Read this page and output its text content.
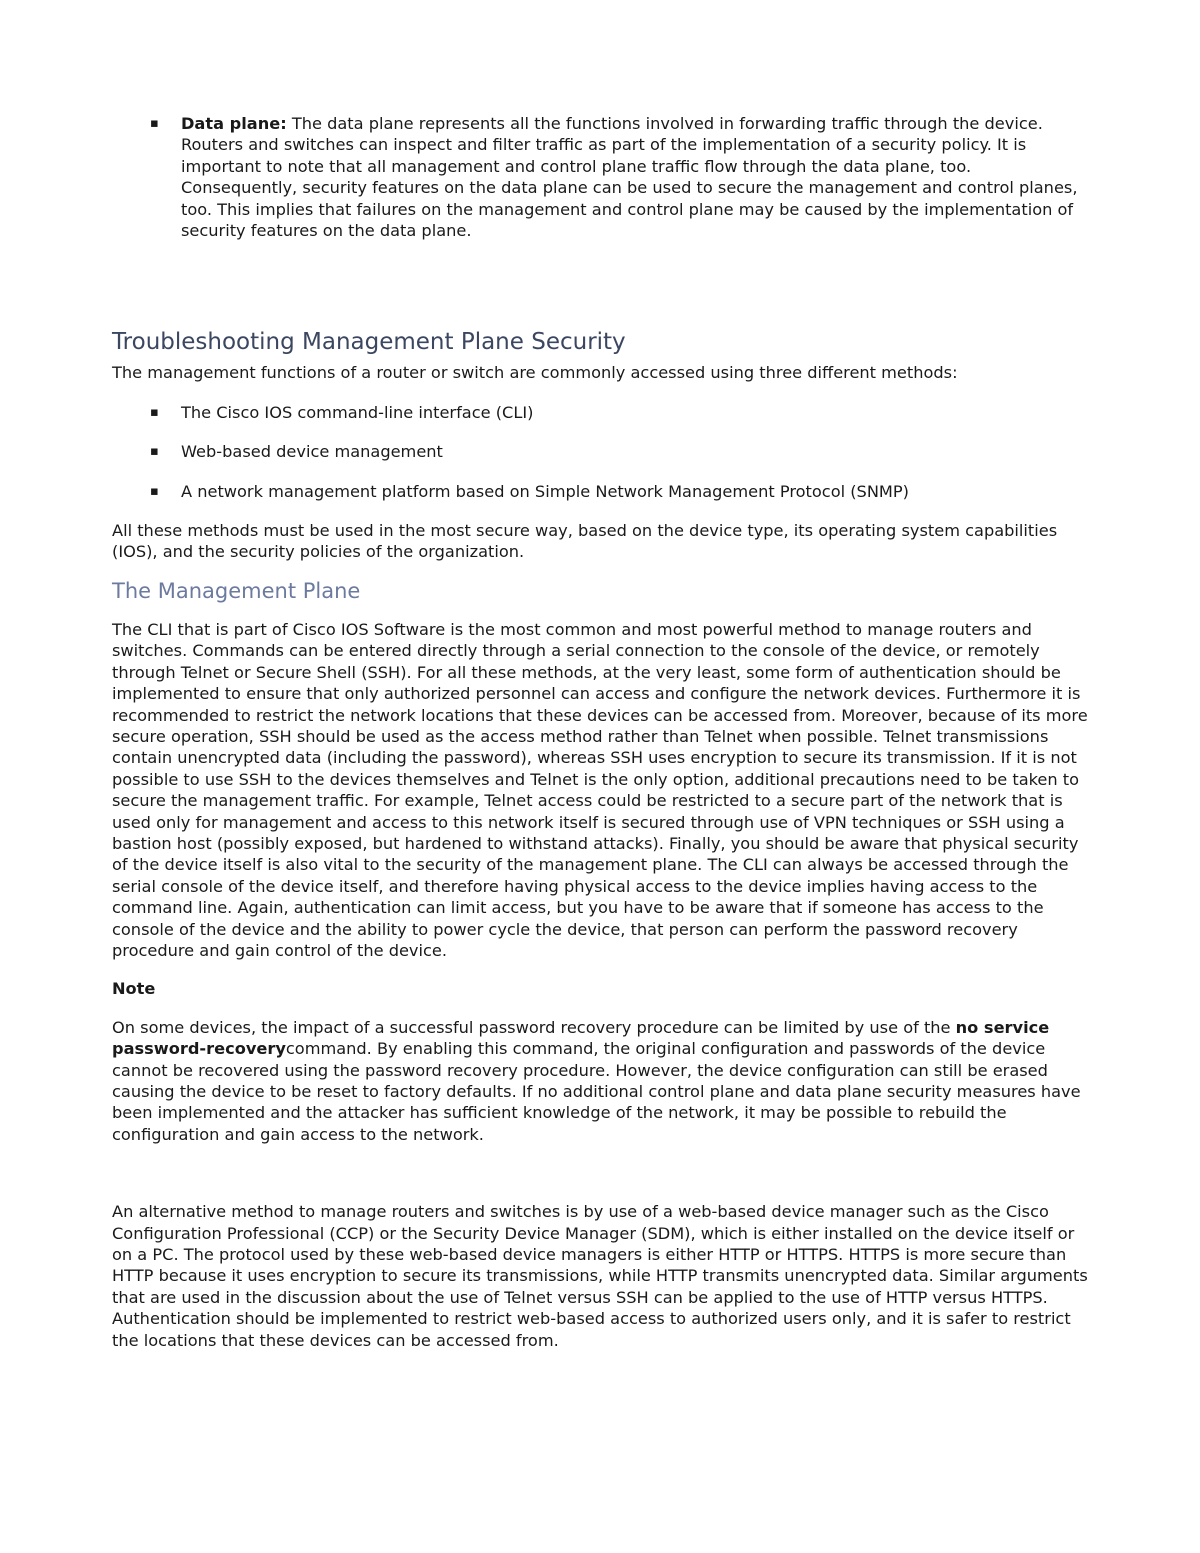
▪ Data plane: The data plane represents all the functions involved in forwarding traffic through the device. Routers and switches can inspect and filter traffic as part of the implementation of a security policy. It is important to note that all management and control plane traffic flow through the data plane, too. Consequently, security features on the data plane can be used to secure the management and control planes, too. This implies that failures on the management and control plane may be caused by the implementation of security features on the data plane.
Troubleshooting Management Plane Security

The management functions of a router or switch are commonly accessed using three different methods:

▪ The Cisco IOS command-line interface (CLI)
▪ Web-based device management
▪ A network management platform based on Simple Network Management Protocol (SNMP)

All these methods must be used in the most secure way, based on the device type, its operating system capabilities (IOS), and the security policies of the organization.

The Management Plane

The CLI that is part of Cisco IOS Software is the most common and most powerful method to manage routers and switches. Commands can be entered directly through a serial connection to the console of the device, or remotely through Telnet or Secure Shell (SSH). For all these methods, at the very least, some form of authentication should be implemented to ensure that only authorized personnel can access and configure the network devices. Furthermore it is recommended to restrict the network locations that these devices can be accessed from. Moreover, because of its more secure operation, SSH should be used as the access method rather than Telnet when possible. Telnet transmissions contain unencrypted data (including the password), whereas SSH uses encryption to secure its transmission. If it is not possible to use SSH to the devices themselves and Telnet is the only option, additional precautions need to be taken to secure the management traffic. For example, Telnet access could be restricted to a secure part of the network that is used only for management and access to this network itself is secured through use of VPN techniques or SSH using a bastion host (possibly exposed, but hardened to withstand attacks). Finally, you should be aware that physical security of the device itself is also vital to the security of the management plane. The CLI can always be accessed through the serial console of the device itself, and therefore having physical access to the device implies having access to the command line. Again, authentication can limit access, but you have to be aware that if someone has access to the console of the device and the ability to power cycle the device, that person can perform the password recovery procedure and gain control of the device.

Note

On some devices, the impact of a successful password recovery procedure can be limited by use of the no service password-recoverycommand. By enabling this command, the original configuration and passwords of the device cannot be recovered using the password recovery procedure. However, the device configuration can still be erased causing the device to be reset to factory defaults. If no additional control plane and data plane security measures have been implemented and the attacker has sufficient knowledge of the network, it may be possible to rebuild the configuration and gain access to the network.

An alternative method to manage routers and switches is by use of a web-based device manager such as the Cisco Configuration Professional (CCP) or the Security Device Manager (SDM), which is either installed on the device itself or on a PC. The protocol used by these web-based device managers is either HTTP or HTTPS. HTTPS is more secure than HTTP because it uses encryption to secure its transmissions, while HTTP transmits unencrypted data. Similar arguments that are used in the discussion about the use of Telnet versus SSH can be applied to the use of HTTP versus HTTPS. Authentication should be implemented to restrict web-based access to authorized users only, and it is safer to restrict the locations that these devices can be accessed from.
